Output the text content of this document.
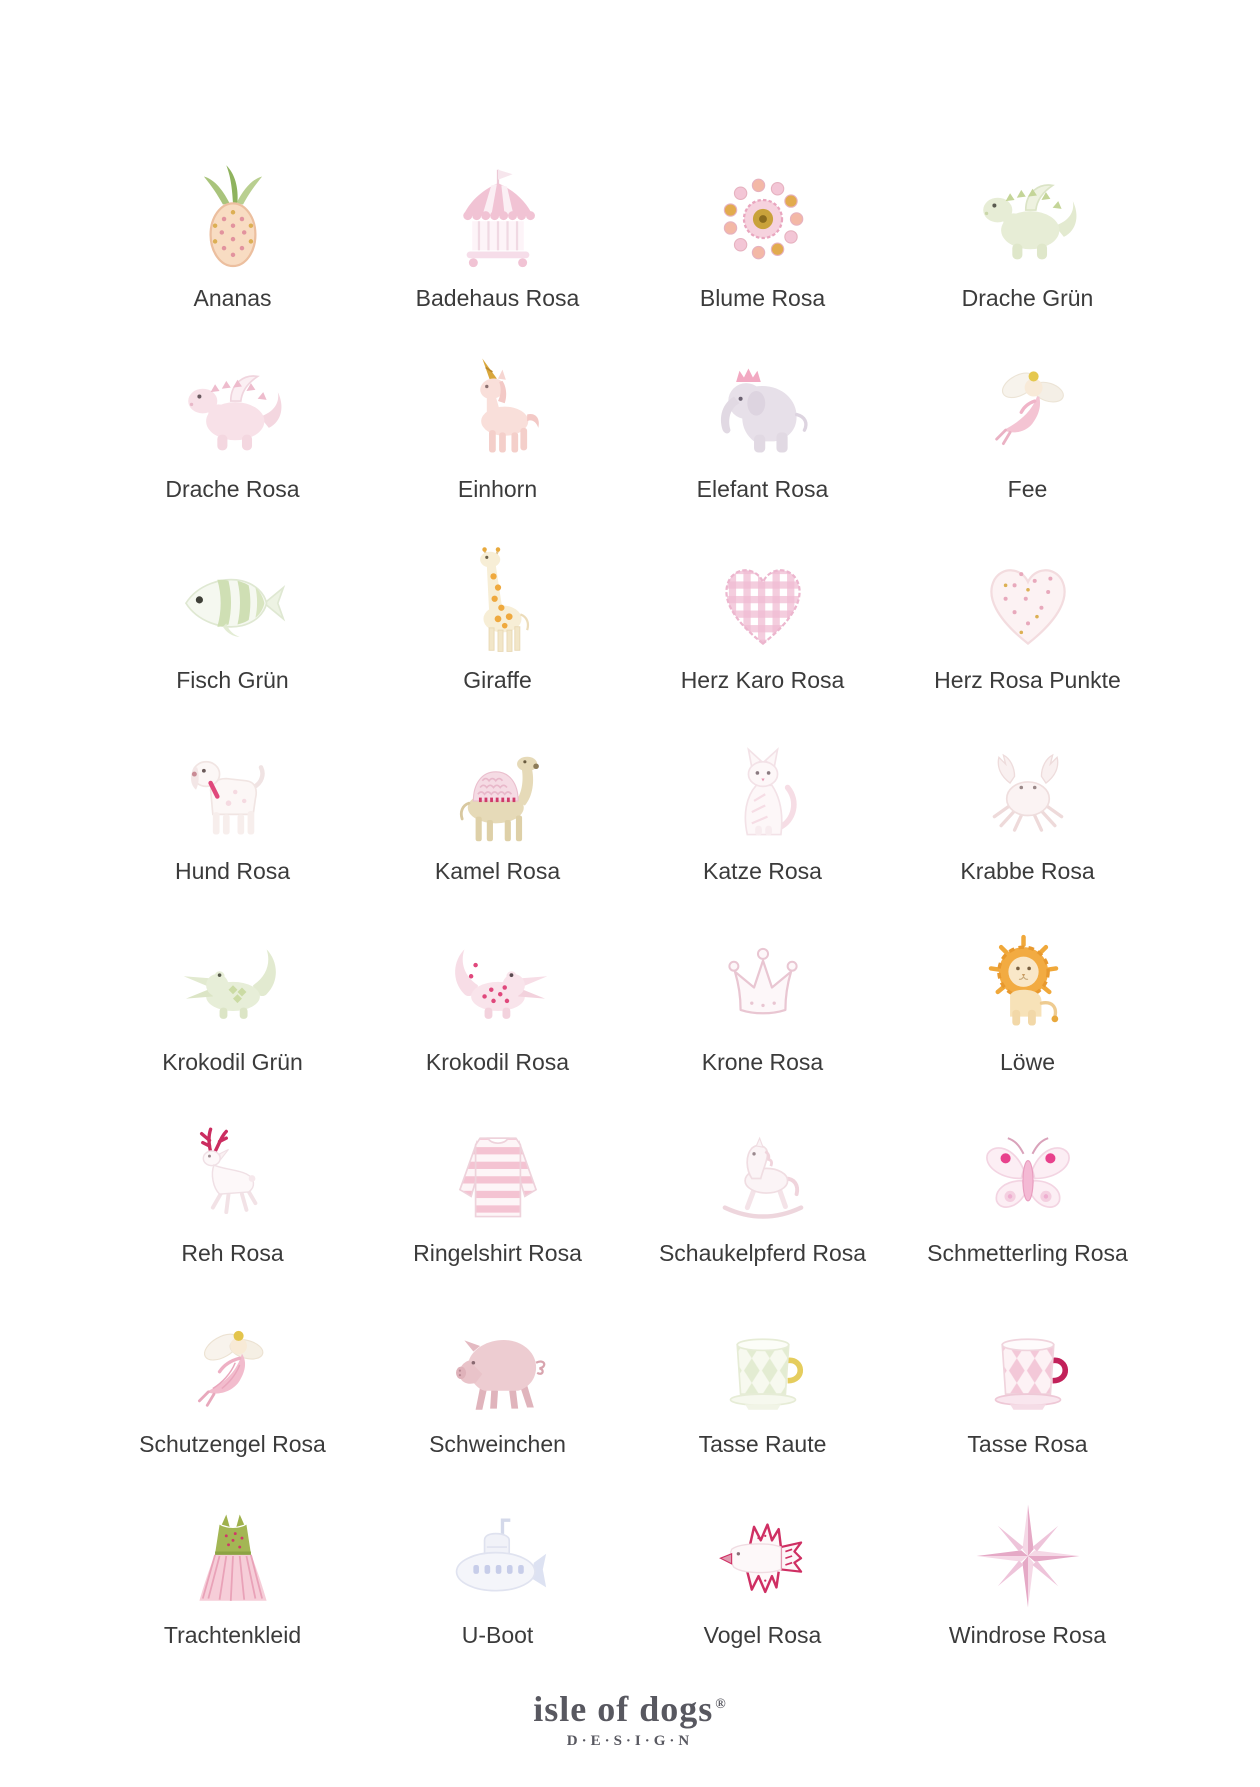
Ananas	Badehaus Rosa	Blume Rosa	Drache Grün
Drache Rosa	Einhorn	Elefant Rosa	Fee
Fisch Grün	Giraffe	Herz Karo Rosa	Herz Rosa Punkte
Hund Rosa	Kamel Rosa	Katze Rosa	Krabbe Rosa
Krokodil Grün	Krokodil Rosa	Krone Rosa	Löwe
Reh Rosa	Ringelshirt Rosa	Schaukelpferd Rosa	Schmetterling Rosa
Schutzengel Rosa	Schweinchen	Tasse Raute	Tasse Rosa
Trachtenkleid	U-Boot	Vogel Rosa	Windrose Rosa
isle of dogs ®
D·E·S·I·G·N
